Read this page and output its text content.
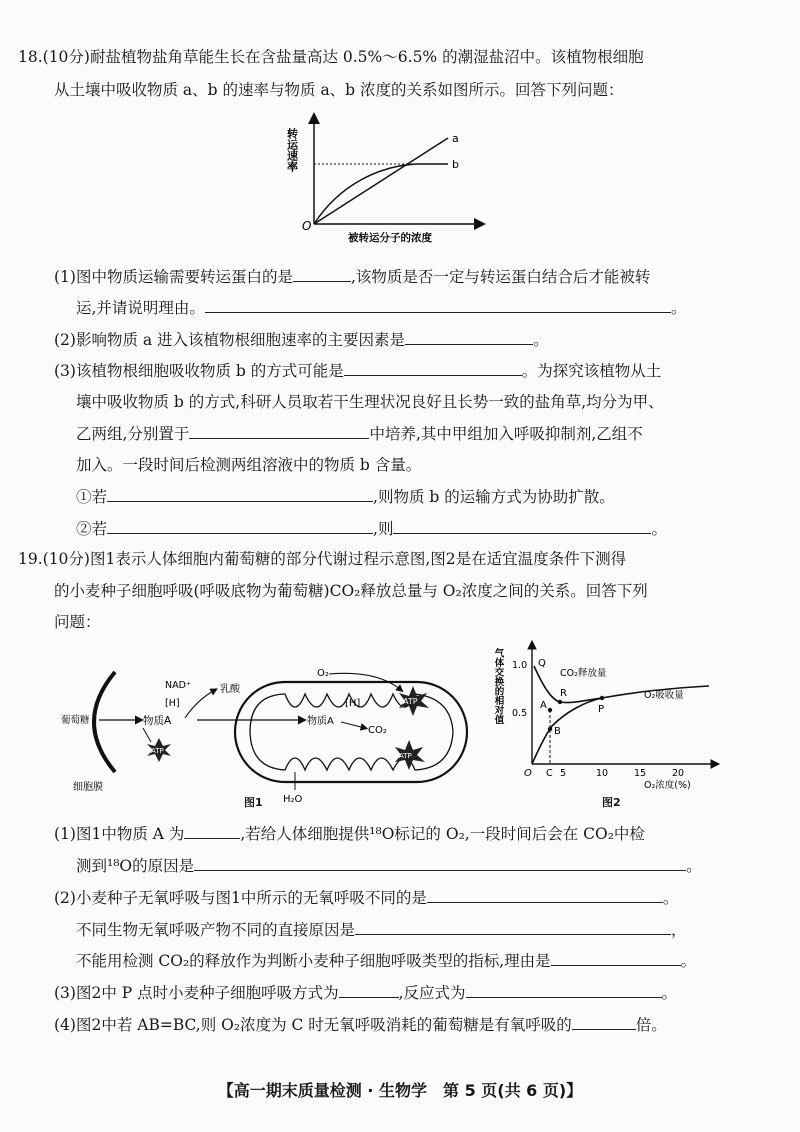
18.(10分)耐盐植物盐角草能生长在含盐量高达 0.5%～6.5% 的潮湿盐沼中。该植物根细胞
从土壤中吸收物质 a、b 的速率与物质 a、b 浓度的关系如图所示。回答下列问题：
a
b
O
转运速率
被转运分子的浓度
(1)图中物质运输需要转运蛋白的是	,该物质是否一定与转运蛋白结合后才能被转
运,并请说明理由。	。
(2)影响物质 a 进入该植物根细胞速率的主要因素是	。
(3)该植物根细胞吸收物质 b 的方式可能是	。为探究该植物从土
壤中吸收物质 b 的方式,科研人员取若干生理状况良好且长势一致的盐角草,均分为甲、
乙两组,分别置于	中培养,其中甲组加入呼吸抑制剂,乙组不
加入。一段时间后检测两组溶液中的物质 b 含量。
①若	,则物质 b 的运输方式为协助扩散。
②若	,则	。
19.(10分)图1表示人体细胞内葡萄糖的部分代谢过程示意图,图2是在适宜温度条件下测得
的小麦种子细胞呼吸(呼吸底物为葡萄糖)CO₂释放总量与 O₂浓度之间的关系。回答下列
问题：
葡萄糖
细胞膜
物质A
NAD⁺
[H]
乳酸
物质A
[H]
CO₂
O₂
ATP
H₂O
ATP
ATP
图1
气体交换的相对值 1.0
0.5
O C 5	10	15	20
O₂浓度(%)
Q
R
P
A
B
CO₂释放量
O₂吸收量
图2
(1)图1中物质 A 为	,若给人体细胞提供¹⁸O标记的 O₂,一段时间后会在 CO₂中检
测到¹⁸O的原因是	。
(2)小麦种子无氧呼吸与图1中所示的无氧呼吸不同的是	。
不同生物无氧呼吸产物不同的直接原因是	，
不能用检测 CO₂的释放作为判断小麦种子细胞呼吸类型的指标,理由是	。
(3)图2中 P 点时小麦种子细胞呼吸方式为	,反应式为	。
(4)图2中若 AB=BC,则 O₂浓度为 C 时无氧呼吸消耗的葡萄糖是有氧呼吸的	倍。
【高一期末质量检测 · 生物学　第 5 页(共 6 页)】
